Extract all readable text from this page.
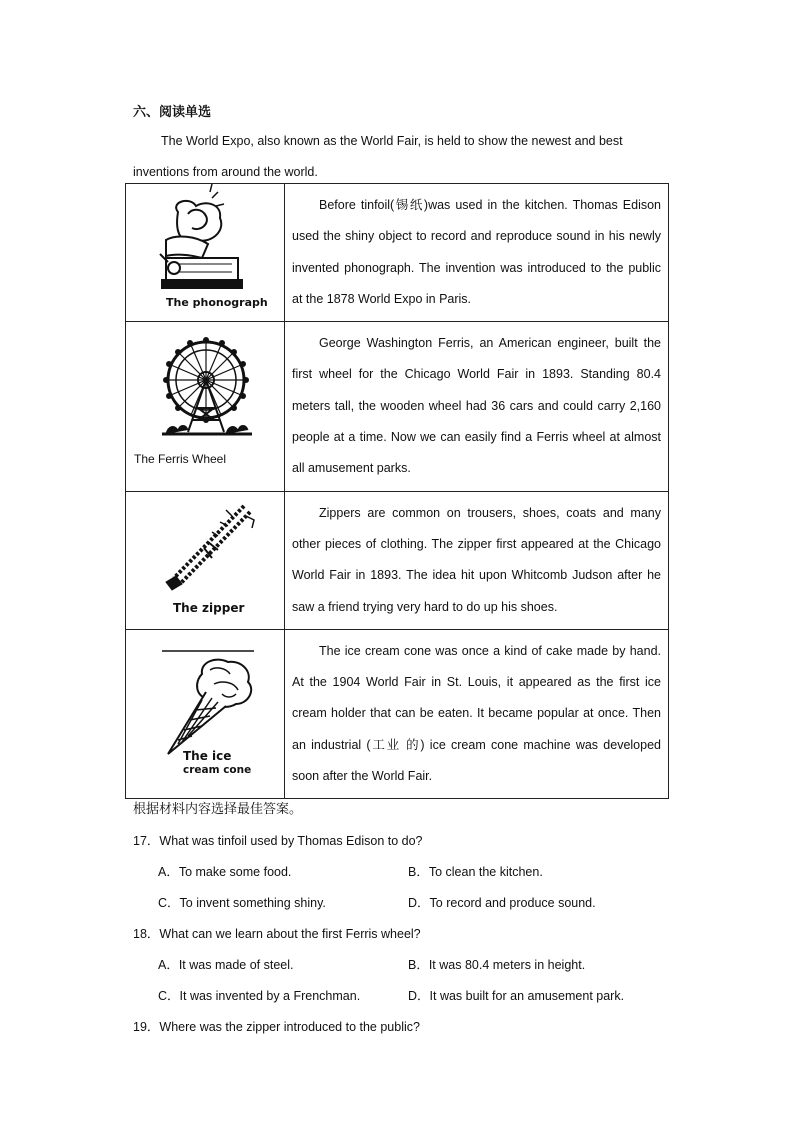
六、阅读单选
The World Expo, also known as the World Fair, is held to show the newest and best inventions from around the world.
The phonograph	Before tinfoil(锡纸)was used in the kitchen. Thomas Edison used the shiny object to record and reproduce sound in his newly invented phonograph. The invention was introduced to the public at the 1878 World Expo in Paris.

The Ferris Wheel	George Washington Ferris, an American engineer, built the first wheel for the Chicago World Fair in 1893. Standing 80.4 meters tall, the wooden wheel had 36 cars and could carry 2,160 people at a time. Now we can easily find a Ferris wheel at almost all amusement parks.

The zipper	Zippers are common on trousers, shoes, coats and many other pieces of clothing. The zipper first appeared at the Chicago World Fair in 1893. The idea hit upon Whitcomb Judson after he saw a friend trying very hard to do up his shoes.

The ice
cream cone	The ice cream cone was once a kind of cake made by hand. At the 1904 World Fair in St. Louis, it appeared as the first ice cream holder that can be eaten. It became popular at once. Then an industrial (工业 的) ice cream cone machine was developed soon after the World Fair.
根据材料内容选择最佳答案。
17．What was tinfoil used by Thomas Edison to do?
A．To make some food.	B．To clean the kitchen.
C．To invent something shiny.	D．To record and produce sound.
18．What can we learn about the first Ferris wheel?
A．It was made of steel.	B．It was 80.4 meters in height.
C．It was invented by a Frenchman.	D．It was built for an amusement park.
19．Where was the zipper introduced to the public?
